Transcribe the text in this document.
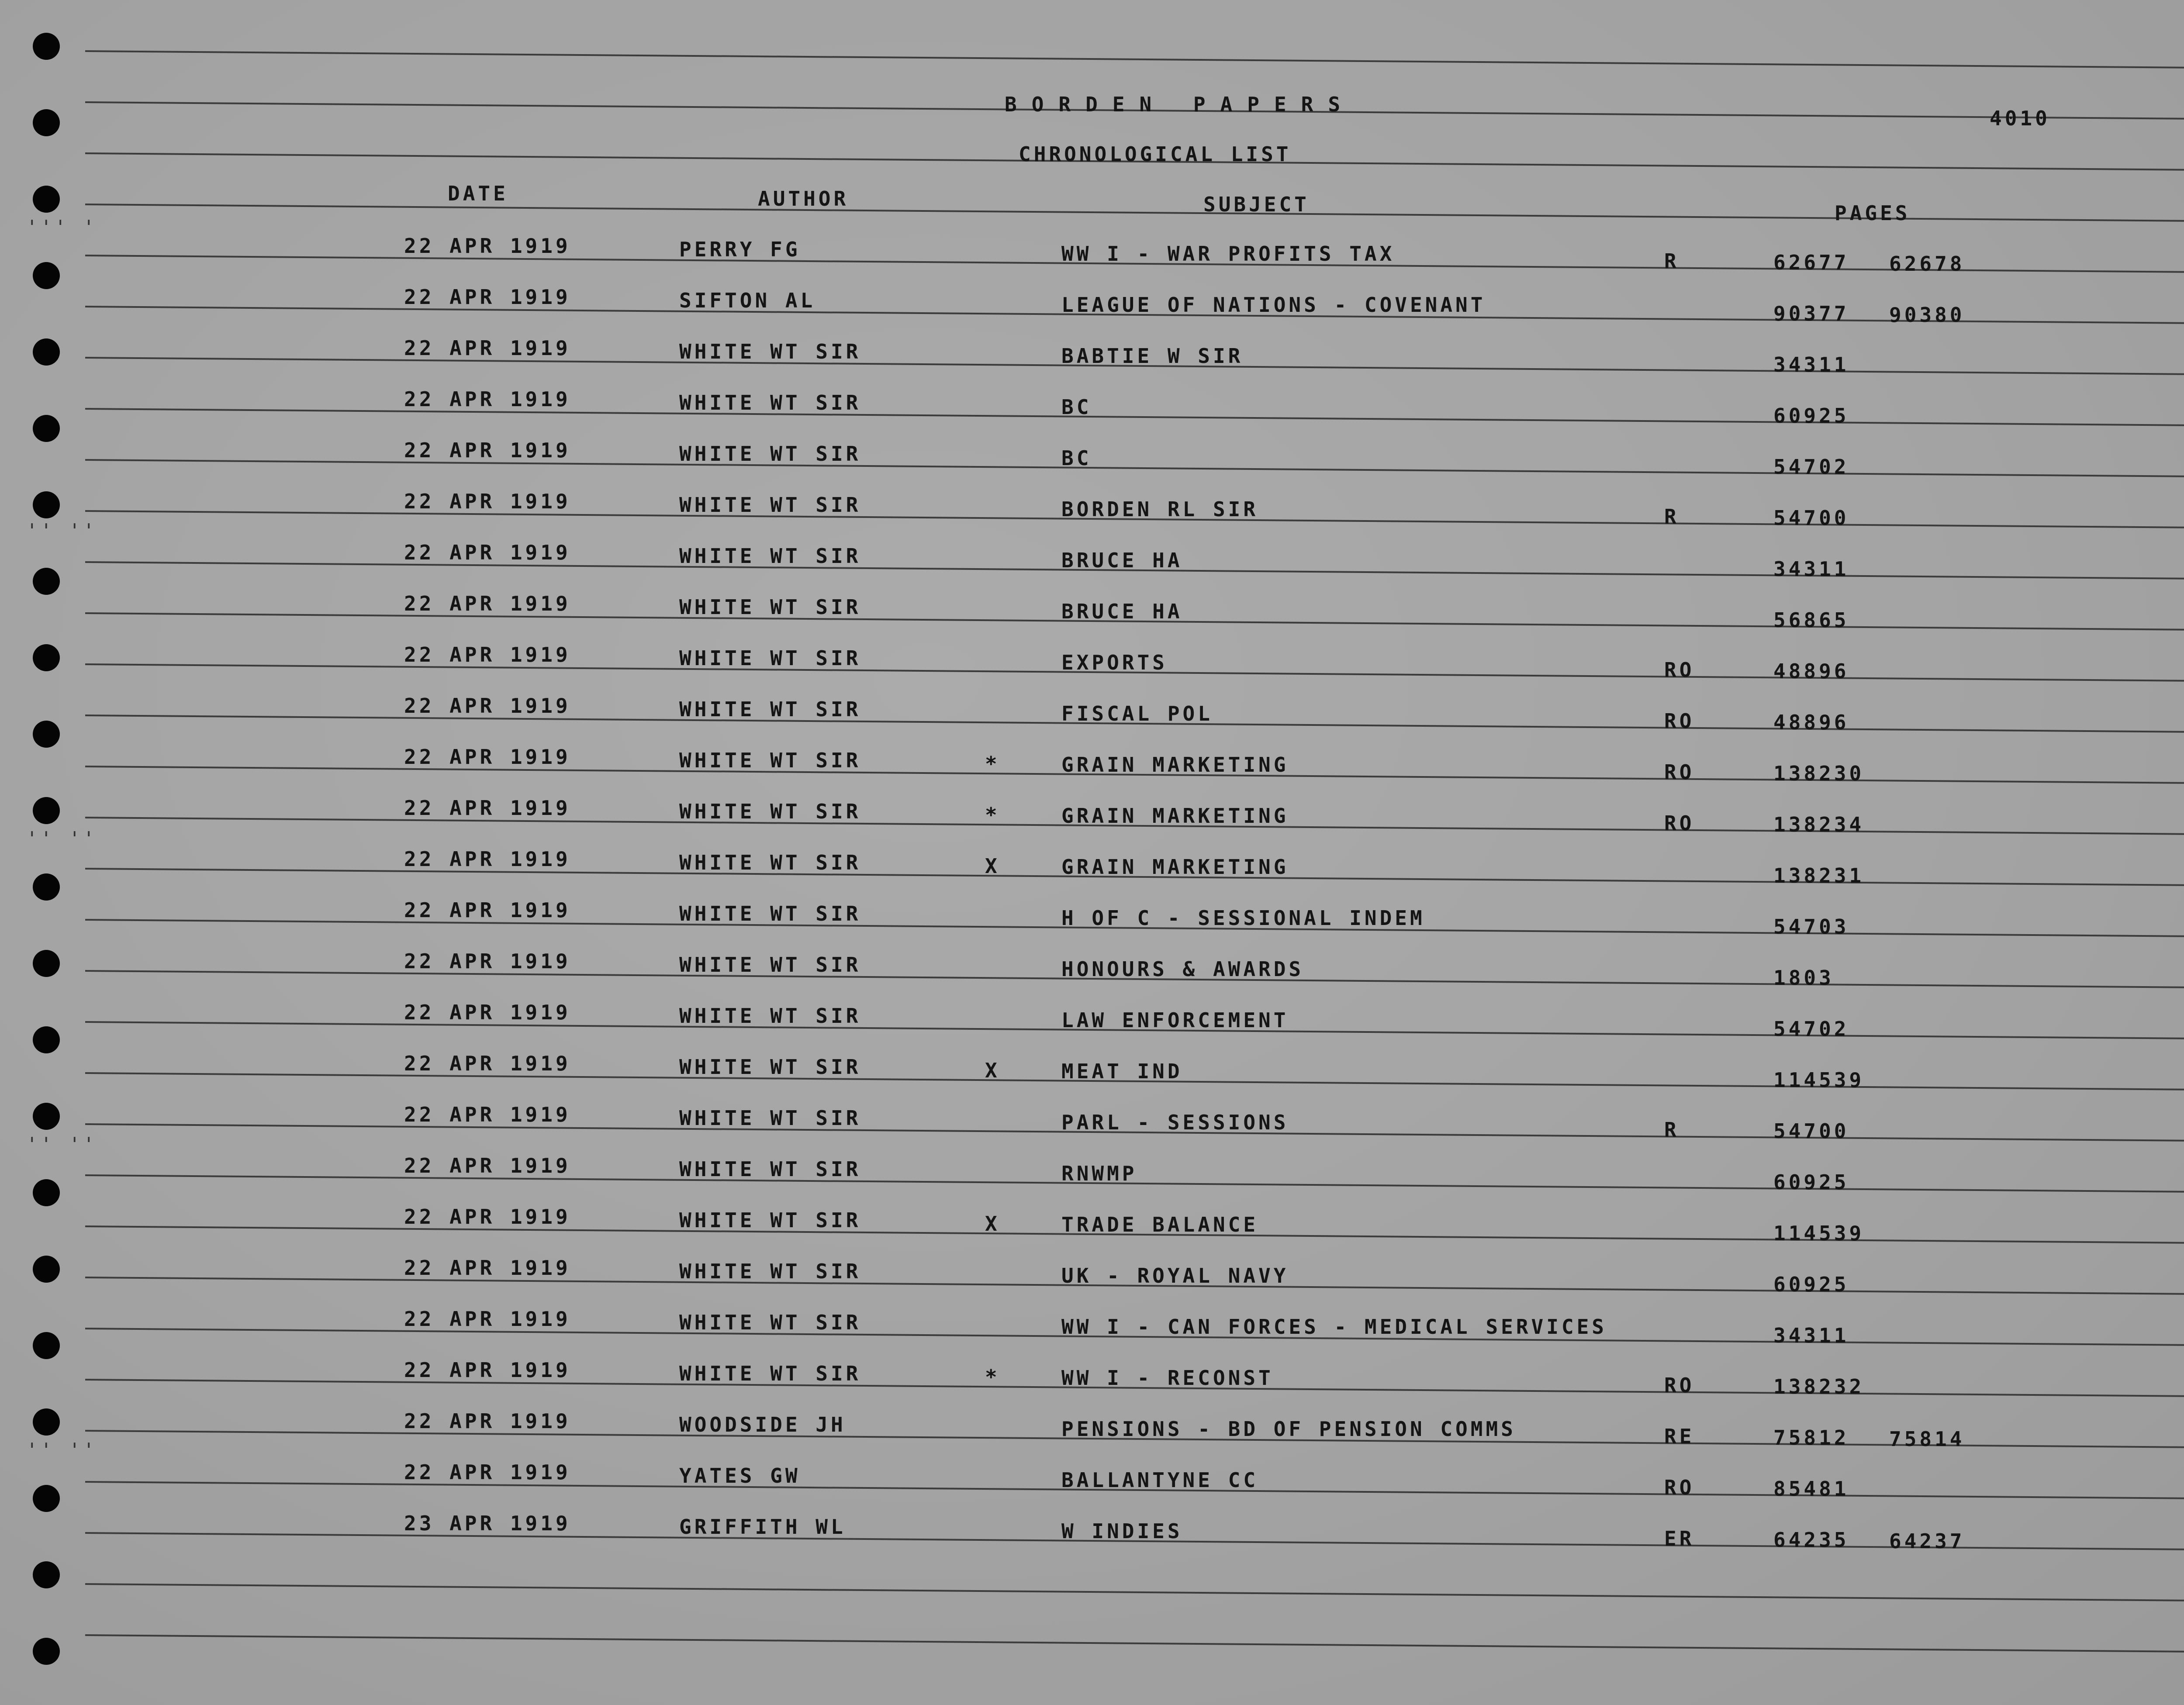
''' '
'' ''
'' ''
'' ''
'' ''
BORDEN PAPERS
4010
CHRONOLOGICAL LIST
DATE	AUTHOR	SUBJECT	PAGES
22 APR 1919	PERRY FG	WW I - WAR PROFITS TAX	R	62677 62678
22 APR 1919	SIFTON AL	LEAGUE OF NATIONS - COVENANT	90377 90380
22 APR 1919	WHITE WT SIR	BABTIE W SIR	34311
22 APR 1919	WHITE WT SIR	BC	60925
22 APR 1919	WHITE WT SIR	BC	54702
22 APR 1919	WHITE WT SIR	BORDEN RL SIR	R	54700
22 APR 1919	WHITE WT SIR	BRUCE HA	34311
22 APR 1919	WHITE WT SIR	BRUCE HA	56865
22 APR 1919	WHITE WT SIR	EXPORTS	RO	48896
22 APR 1919	WHITE WT SIR	FISCAL POL	RO	48896
22 APR 1919	WHITE WT SIR	*	GRAIN MARKETING	RO	138230
22 APR 1919	WHITE WT SIR	*	GRAIN MARKETING	RO	138234
22 APR 1919	WHITE WT SIR	X	GRAIN MARKETING	138231
22 APR 1919	WHITE WT SIR	H OF C - SESSIONAL INDEM	54703
22 APR 1919	WHITE WT SIR	HONOURS & AWARDS	1803
22 APR 1919	WHITE WT SIR	LAW ENFORCEMENT	54702
22 APR 1919	WHITE WT SIR	X	MEAT IND	114539
22 APR 1919	WHITE WT SIR	PARL - SESSIONS	R	54700
22 APR 1919	WHITE WT SIR	RNWMP	60925
22 APR 1919	WHITE WT SIR	X	TRADE BALANCE	114539
22 APR 1919	WHITE WT SIR	UK - ROYAL NAVY	60925
22 APR 1919	WHITE WT SIR	WW I - CAN FORCES - MEDICAL SERVICES	34311
22 APR 1919	WHITE WT SIR	*	WW I - RECONST	RO	138232
22 APR 1919	WOODSIDE JH	PENSIONS - BD OF PENSION COMMS	RE	75812 75814
22 APR 1919	YATES GW	BALLANTYNE CC	RO	85481
23 APR 1919	GRIFFITH WL	W INDIES	ER	64235 64237
